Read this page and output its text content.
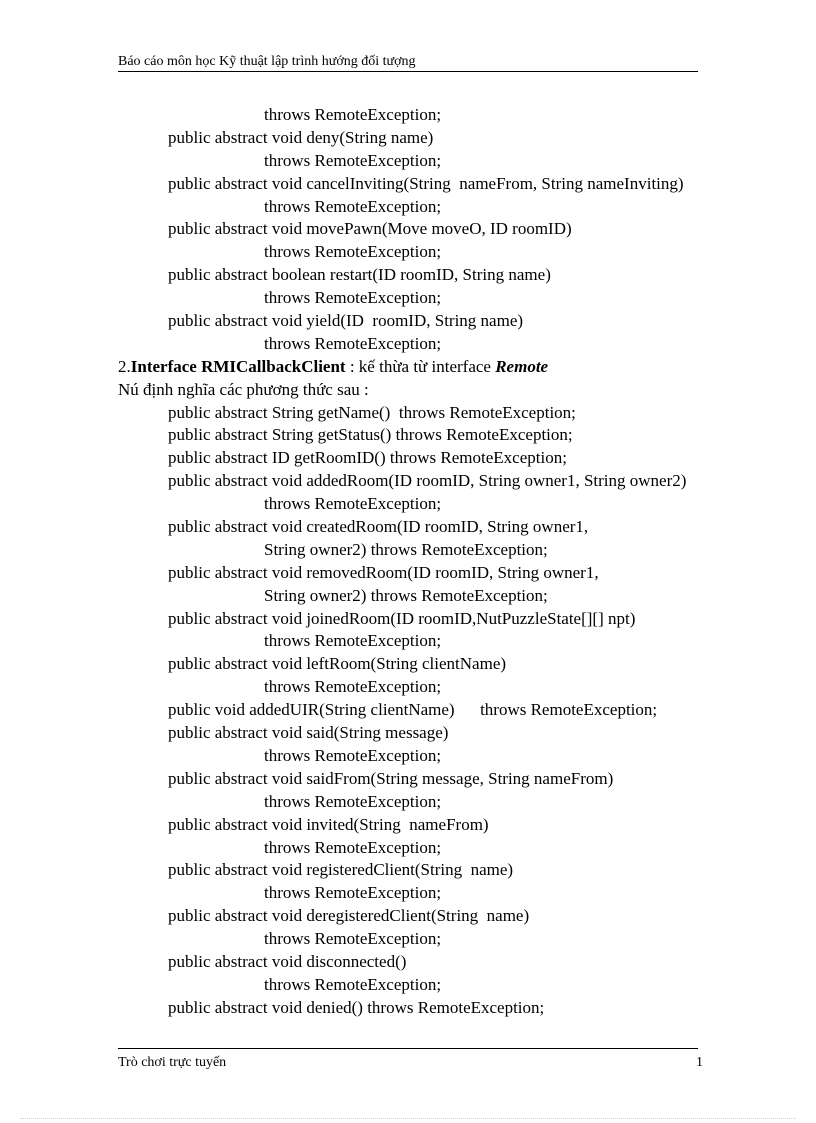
Báo cáo môn học Kỹ thuật lập trình hướng đối tượng
throws RemoteException;
public abstract void deny(String name)
throws RemoteException;
public abstract void cancelInviting(String  nameFrom, String nameInviting)
throws RemoteException;
public abstract void movePawn(Move moveO, ID roomID)
throws RemoteException;
public abstract boolean restart(ID roomID, String name)
throws RemoteException;
public abstract void yield(ID  roomID, String name)
throws RemoteException;
2.Interface RMICallbackClient : kế thừa từ interface Remote
Nú định nghĩa các phương thức sau :
public abstract String getName()  throws RemoteException;
public abstract String getStatus() throws RemoteException;
public abstract ID getRoomID() throws RemoteException;
public abstract void addedRoom(ID roomID, String owner1, String owner2)
throws RemoteException;
public abstract void createdRoom(ID roomID, String owner1,
String owner2) throws RemoteException;
public abstract void removedRoom(ID roomID, String owner1,
String owner2) throws RemoteException;
public abstract void joinedRoom(ID roomID,NutPuzzleState[][] npt)
throws RemoteException;
public abstract void leftRoom(String clientName)
throws RemoteException;
public void addedUIR(String clientName)      throws RemoteException;
public abstract void said(String message)
throws RemoteException;
public abstract void saidFrom(String message, String nameFrom)
throws RemoteException;
public abstract void invited(String  nameFrom)
throws RemoteException;
public abstract void registeredClient(String  name)
throws RemoteException;
public abstract void deregisteredClient(String  name)
throws RemoteException;
public abstract void disconnected()
throws RemoteException;
public abstract void denied() throws RemoteException;
Trò chơi trực tuyến	1
